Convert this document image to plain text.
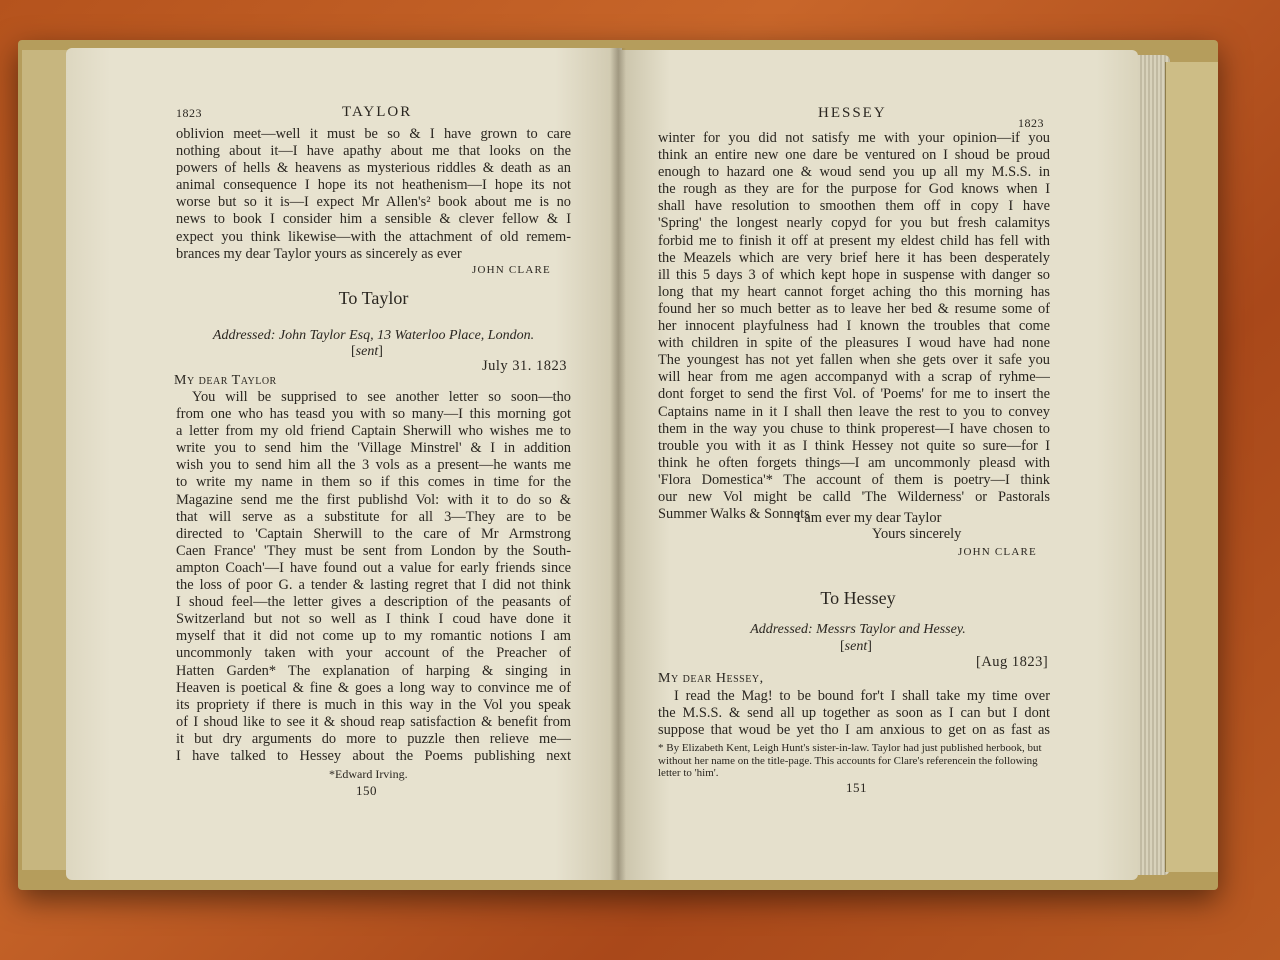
1823	TAYLOR
oblivion meet—well it must be so & I have grown to care
nothing about it—I have apathy about me that looks on the
powers of hells & heavens as mysterious riddles & death as an
animal consequence I hope its not heathenism—I hope its not
worse but so it is—I expect Mr Allen's² book about me is no
news to book I consider him a sensible & clever fellow & I
expect you think likewise—with the attachment of old remem-
brances my dear Taylor yours as sincerely as ever
JOHN CLARE
To Taylor
Addressed: John Taylor Esq, 13 Waterloo Place, London.
[sent]
July 31. 1823
My dear Taylor
You will be supprised to see another letter so soon—tho
from one who has teasd you with so many—I this morning got
a letter from my old friend Captain Sherwill who wishes me to
write you to send him the 'Village Minstrel' & I in addition
wish you to send him all the 3 vols as a present—he wants me
to write my name in them so if this comes in time for the
Magazine send me the first publishd Vol: with it to do so &
that will serve as a substitute for all 3—They are to be
directed to 'Captain Sherwill to the care of Mr Armstrong
Caen France' 'They must be sent from London by the South-
ampton Coach'—I have found out a value for early friends since
the loss of poor G. a tender & lasting regret that I did not think
I shoud feel—the letter gives a description of the peasants of
Switzerland but not so well as I think I coud have done it
myself that it did not come up to my romantic notions I am
uncommonly taken with your account of the Preacher of
Hatten Garden* The explanation of harping & singing in
Heaven is poetical & fine & goes a long way to convince me of
its propriety if there is much in this way in the Vol you speak
of I shoud like to see it & shoud reap satisfaction & benefit from
it but dry arguments do more to puzzle then relieve me—
I have talked to Hessey about the Poems publishing next
*Edward Irving.
150
HESSEY
1823
winter for you did not satisfy me with your opinion—if you
think an entire new one dare be ventured on I shoud be proud
enough to hazard one & woud send you up all my M.S.S. in
the rough as they are for the purpose for God knows when I
shall have resolution to smoothen them off in copy I have
'Spring' the longest nearly copyd for you but fresh calamitys
forbid me to finish it off at present my eldest child has fell with
the Meazels which are very brief here it has been desperately
ill this 5 days 3 of which kept hope in suspense with danger so
long that my heart cannot forget aching tho this morning has
found her so much better as to leave her bed & resume some of
her innocent playfulness had I known the troubles that come
with children in spite of the pleasures I woud have had none
The youngest has not yet fallen when she gets over it safe you
will hear from me agen accompanyd with a scrap of ryhme—
dont forget to send the first Vol. of 'Poems' for me to insert the
Captains name in it I shall then leave the rest to you to convey
them in the way you chuse to think properest—I have chosen to
trouble you with it as I think Hessey not quite so sure—for I
think he often forgets things—I am uncommonly pleasd with
'Flora Domestica'* The account of them is poetry—I think
our new Vol might be calld 'The Wilderness' or Pastorals
Summer Walks & Sonnets
I am ever my dear Taylor
Yours sincerely
JOHN CLARE
To Hessey
Addressed: Messrs Taylor and Hessey.
[sent]
[Aug 1823]
My dear Hessey,
I read the Mag! to be bound for't I shall take my time over
the M.S.S. & send all up together as soon as I can but I dont
suppose that woud be yet tho I am anxious to get on as fast as
* By Elizabeth Kent, Leigh Hunt's sister-in-law. Taylor had just published herbook, but without her name on the title-page. This accounts for Clare's referencein the following letter to 'him'.
151
